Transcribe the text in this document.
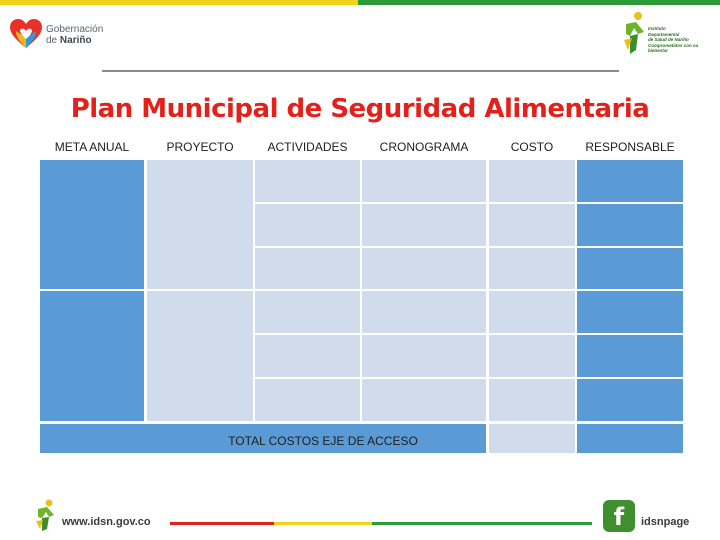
Gobernación
de Nariño
Instituto
Departamental
de Salud de Nariño
Comprometidos con su bienestar
Plan Municipal de Seguridad Alimentaria
META ANUAL	PROYECTO	ACTIVIDADES	CRONOGRAMA	COSTO	RESPONSABLE
TOTAL COSTOS EJE DE ACCESO
www.idsn.gov.co	f	idsnpage
